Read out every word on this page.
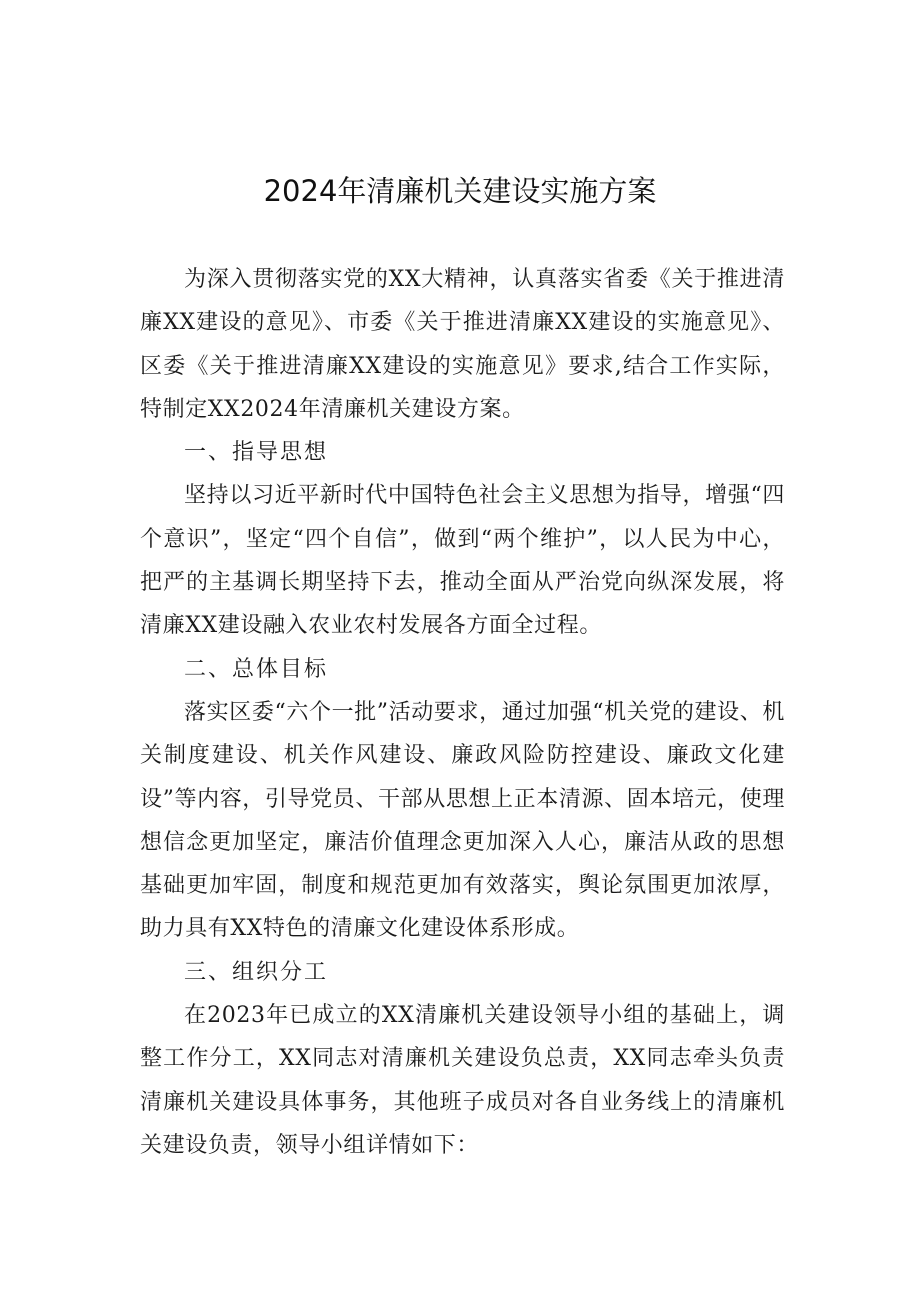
2024年清廉机关建设实施方案

为深入贯彻落实党的XX大精神，认真落实省委《关于推进清廉XX建设的意见》、市委《关于推进清廉XX建设的实施意见》、区委《关于推进清廉XX建设的实施意见》要求,结合工作实际，特制定XX2024年清廉机关建设方案。

一、指导思想

坚持以习近平新时代中国特色社会主义思想为指导，增强“四个意识”，坚定“四个自信”，做到“两个维护”，以人民为中心，把严的主基调长期坚持下去，推动全面从严治党向纵深发展，将清廉XX建设融入农业农村发展各方面全过程。

二、总体目标

落实区委“六个一批”活动要求，通过加强“机关党的建设、机关制度建设、机关作风建设、廉政风险防控建设、廉政文化建设”等内容，引导党员、干部从思想上正本清源、固本培元，使理想信念更加坚定，廉洁价值理念更加深入人心，廉洁从政的思想基础更加牢固，制度和规范更加有效落实，舆论氛围更加浓厚，助力具有XX特色的清廉文化建设体系形成。

三、组织分工

在2023年已成立的XX清廉机关建设领导小组的基础上，调整工作分工，XX同志对清廉机关建设负总责，XX同志牵头负责清廉机关建设具体事务，其他班子成员对各自业务线上的清廉机关建设负责，领导小组详情如下：
